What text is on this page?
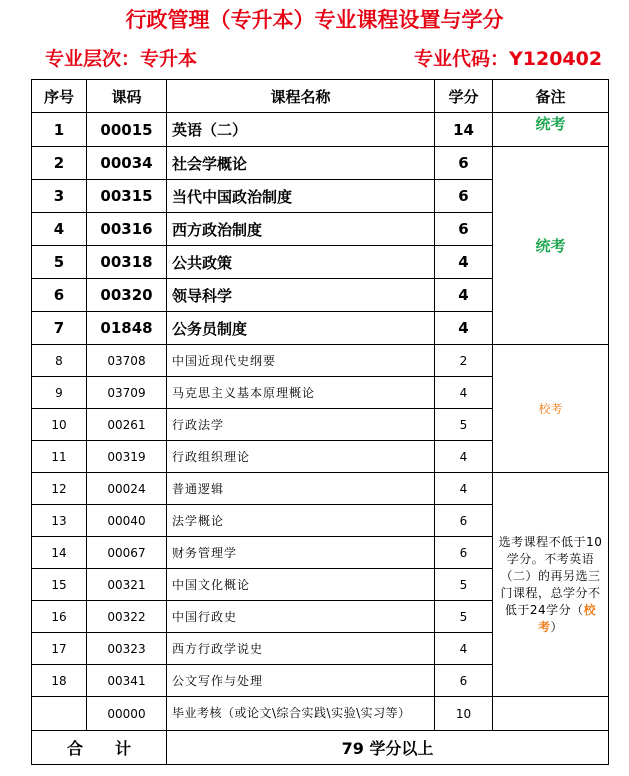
行政管理（专升本）专业课程设置与学分
专业层次：专升本	专业代码：Y120402
序号	课码	课程名称	学分	备注
1	00015	英语（二）	14	统考
2	00034	社会学概论	6	统考
3	00315	当代中国政治制度	6	
4	00316	西方政治制度	6	
5	00318	公共政策	4	
6	00320	领导科学	4	
7	01848	公务员制度	4	
8	03708	中国近现代史纲要	2	校考
9	03709	马克思主义基本原理概论	4	
10	00261	行政法学	5	
11	00319	行政组织理论	4	
12	00024	普通逻辑	4	选考课程不低于10学分。不考英语（二）的再另选三门课程，总学分不低于24学分（校考）
13	00040	法学概论	6	
14	00067	财务管理学	6	
15	00321	中国文化概论	5	
16	00322	中国行政史	5	
17	00323	西方行政学说史	4	
18	00341	公文写作与处理	6	
	00000	毕业考核（或论文\综合实践\实验\实习等）	10	
合　　计		79 学分以上		
